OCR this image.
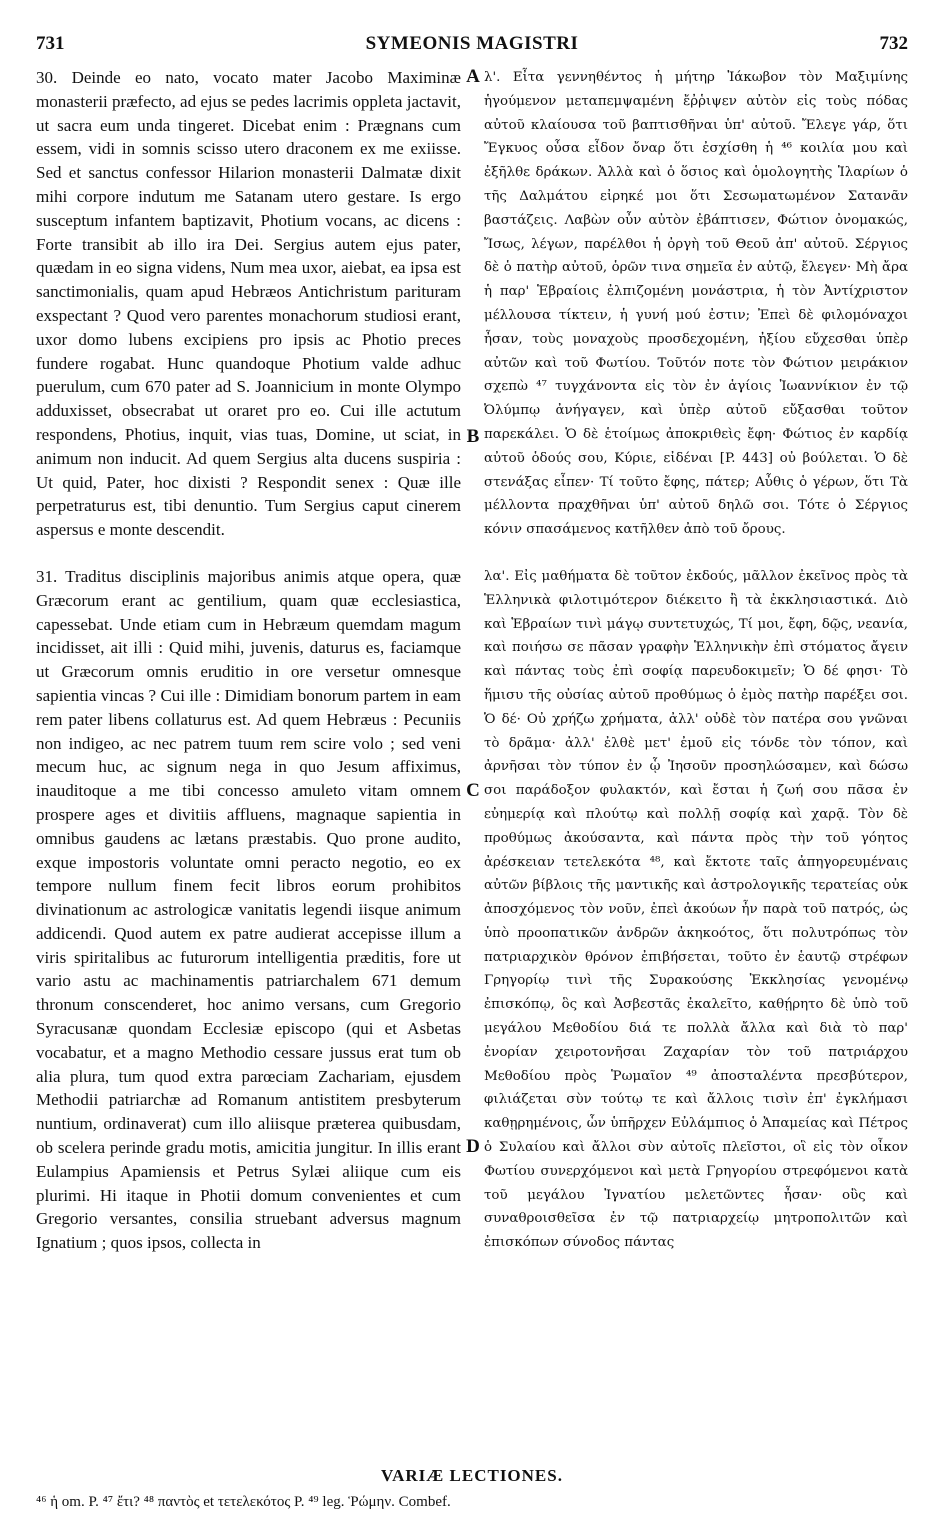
731	SYMEONIS MAGISTRI	732

30. Deinde eo nato, vocato mater Jacobo Maximinæ monasterii præfecto, ad ejus se pedes lacrimis oppleta jactavit, ut sacra eum unda tingeret. Dicebat enim : Prægnans cum essem, vidi in somnis scisso utero draconem ex me exiisse. Sed et sanctus confessor Hilarion monasterii Dalmatæ dixit mihi corpore indutum me Satanam utero gestare. Is ergo susceptum infantem baptizavit, Photium vocans, ac dicens : Forte transibit ab illo ira Dei. Sergius autem ejus pater, quædam in eo signa videns, Num mea uxor, aiebat, ea ipsa est sanctimonialis, quam apud Hebræos Antichristum parituram exspectant ? Quod vero parentes monachorum studiosi erant, uxor domo lubens excipiens pro ipsis ac Photio preces fundere rogabat. Hunc quandoque Photium valde adhuc puerulum, cum 670 pater ad S. Joannicium in monte Olympo adduxisset, obsecrabat ut oraret pro eo. Cui ille actutum respondens, Photius, inquit, vias tuas, Domine, ut sciat, in animum non inducit. Ad quem Sergius alta ducens suspiria : Ut quid, Pater, hoc dixisti ? Respondit senex : Quæ ille perpetraturus est, tibi denuntio. Tum Sergius caput cinerem aspersus e monte descendit.

31. Traditus disciplinis majoribus animis atque opera, quæ Græcorum erant ac gentilium, quam quæ ecclesiastica, capessebat. Unde etiam cum in Hebræum quemdam magum incidisset, ait illi : Quid mihi, juvenis, daturus es, faciamque ut Græcorum omnis eruditio in ore versetur omnesque sapientia vincas ? Cui ille : Dimidiam bonorum partem in eam rem pater libens collaturus est. Ad quem Hebræus : Pecuniis non indigeo, ac nec patrem tuum rem scire volo ; sed veni mecum huc, ac signum nega in quo Jesum affiximus, inauditoque a me tibi concesso amuleto vitam omnem prospere ages et divitiis affluens, magnaque sapientia in omnibus gaudens ac lætans præstabis. Quo prone audito, exque impostoris voluntate omni peracto negotio, eo ex tempore nullum finem fecit libros eorum prohibitos divinationum ac astrologicæ vanitatis legendi iisque animum addicendi. Quod autem ex patre audierat accepisse illum a viris spiritalibus ac futurorum intelligentia præditis, fore ut vario astu ac machinamentis patriarchalem 671 demum thronum conscenderet, hoc animo versans, cum Gregorio Syracusanæ quondam Ecclesiæ episcopo (qui et Asbetas vocabatur, et a magno Methodio cessare jussus erat tum ob alia plura, tum quod extra parœciam Zachariam, ejusdem Methodii patriarchæ ad Romanum antistitem presbyterum nuntium, ordinaverat) cum illo aliisque præterea quibusdam, ob scelera perinde gradu motis, amicitia jungitur. In illis erant Eulampius Apamiensis et Petrus Sylæi aliique cum eis plurimi. Hi itaque in Photii domum convenientes et cum Gregorio versantes, consilia struebant adversus magnum Ignatium ; quos ipsos, collecta in

A
B
C
D

λ'. Εἶτα γεννηθέντος ἡ μήτηρ Ἰάκωβον τὸν Μαξιμίνης ἡγούμενον μεταπεμψαμένη ἔῤῥιψεν αὐτὸν εἰς τοὺς πόδας αὐτοῦ κλαίουσα τοῦ βαπτισθῆναι ὑπ' αὐτοῦ. Ἔλεγε γάρ, ὅτι Ἔγκυος οὖσα εἶδον ὄναρ ὅτι ἐσχίσθη ἡ ⁴⁶ κοιλία μου καὶ ἐξῆλθε δράκων. Ἀλλὰ καὶ ὁ ὅσιος καὶ ὁμολογητὴς Ἱλαρίων ὁ τῆς Δαλμάτου εἰρηκέ μοι ὅτι Σεσωματωμένον Σατανᾶν βαστάζεις. Λαβὼν οὖν αὐτὸν ἐβάπτισεν, Φώτιον ὀνομακώς, Ἴσως, λέγων, παρέλθοι ἡ ὀργὴ τοῦ Θεοῦ ἀπ' αὐτοῦ. Σέργιος δὲ ὁ πατὴρ αὐτοῦ, ὁρῶν τινα σημεῖα ἐν αὐτῷ, ἔλεγεν· Μὴ ἄρα ἡ παρ' Ἑβραίοις ἐλπιζομένη μονάστρια, ἡ τὸν Ἀντίχριστον μέλλουσα τίκτειν, ἡ γυνή μού ἐστιν; Ἐπεὶ δὲ φιλομόναχοι ἦσαν, τοὺς μοναχοὺς προσδεχομένη, ἠξίου εὔχεσθαι ὑπὲρ αὐτῶν καὶ τοῦ Φωτίου. Τοῦτόν ποτε τὸν Φώτιον μειράκιον σχεπὼ ⁴⁷ τυγχάνοντα εἰς τὸν ἐν ἁγίοις Ἰωαννίκιον ἐν τῷ Ὀλύμπῳ ἀνήγαγεν, καὶ ὑπὲρ αὐτοῦ εὔξασθαι τοῦτον παρεκάλει. Ὁ δὲ ἑτοίμως ἀποκριθεὶς ἔφη· Φώτιος ἐν καρδίᾳ αὐτοῦ ὁδούς σου, Κύριε, εἰδέναι [P. 443] οὐ βούλεται. Ὁ δὲ στενάξας εἶπεν· Τί τοῦτο ἔφης, πάτερ; Αὖθις ὁ γέρων, ὅτι Τὰ μέλλοντα πραχθῆναι ὑπ' αὐτοῦ δηλῶ σοι. Τότε ὁ Σέργιος κόνιν σπασάμενος κατῆλθεν ἀπὸ τοῦ ὄρους.

λα'. Εἰς μαθήματα δὲ τοῦτον ἐκδούς, μᾶλλον ἐκεῖνος πρὸς τὰ Ἑλληνικὰ φιλοτιμότερον διέκειτο ἢ τὰ ἐκκλησιαστικά. Διὸ καὶ Ἑβραίων τινὶ μάγῳ συντετυχώς, Τί μοι, ἔφη, δῷς, νεανία, καὶ ποιήσω σε πᾶσαν γραφὴν Ἑλληνικὴν ἐπὶ στόματος ἄγειν καὶ πάντας τοὺς ἐπὶ σοφίᾳ παρευδοκιμεῖν; Ὁ δέ φησι· Τὸ ἥμισυ τῆς οὐσίας αὐτοῦ προθύμως ὁ ἐμὸς πατὴρ παρέξει σοι. Ὁ δέ· Οὐ χρήζω χρήματα, ἀλλ' οὐδὲ τὸν πατέρα σου γνῶναι τὸ δρᾶμα· ἀλλ' ἐλθὲ μετ' ἐμοῦ εἰς τόνδε τὸν τόπον, καὶ ἀρνῆσαι τὸν τύπον ἐν ᾧ Ἰησοῦν προσηλώσαμεν, καὶ δώσω σοι παράδοξον φυλακτόν, καὶ ἔσται ἡ ζωή σου πᾶσα ἐν εὐημερίᾳ καὶ πλούτῳ καὶ πολλῇ σοφίᾳ καὶ χαρᾷ. Τὸν δὲ προθύμως ἀκούσαντα, καὶ πάντα πρὸς τὴν τοῦ γόητος ἀρέσκειαν τετελεκότα ⁴⁸, καὶ ἔκτοτε ταῖς ἀπηγορευμέναις αὐτῶν βίβλοις τῆς μαντικῆς καὶ ἀστρολογικῆς τερατείας οὐκ ἀποσχόμενος τὸν νοῦν, ἐπεὶ ἀκούων ἦν παρὰ τοῦ πατρός, ὡς ὑπὸ προοπατικῶν ἀνδρῶν ἀκηκοότος, ὅτι πολυτρόπως τὸν πατριαρχικὸν θρόνον ἐπιβήσεται, τοῦτο ἐν ἑαυτῷ στρέφων Γρηγορίῳ τινὶ τῆς Συρακούσης Ἐκκλησίας γενομένῳ ἐπισκόπῳ, ὃς καὶ Ἀσβεστᾶς ἐκαλεῖτο, καθῄρητο δὲ ὑπὸ τοῦ μεγάλου Μεθοδίου διά τε πολλὰ ἄλλα καὶ διὰ τὸ παρ' ἐνορίαν χειροτονῆσαι Ζαχαρίαν τὸν τοῦ πατριάρχου Μεθοδίου πρὸς Ῥωμαῖον ⁴⁹ ἀποσταλέντα πρεσβύτερον, φιλιάζεται σὺν τούτῳ τε καὶ ἄλλοις τισὶν ἐπ' ἐγκλήμασι καθῃρημένοις, ὧν ὑπῆρχεν Εὐλάμπιος ὁ Ἀπαμείας καὶ Πέτρος ὁ Συλαίου καὶ ἄλλοι σὺν αὐτοῖς πλεῖστοι, οἳ εἰς τὸν οἶκον Φωτίου συνερχόμενοι καὶ μετὰ Γρηγορίου στρεφόμενοι κατὰ τοῦ μεγάλου Ἰγνατίου μελετῶντες ἦσαν· οὓς καὶ συναθροισθεῖσα ἐν τῷ πατριαρχείῳ μητροπολιτῶν καὶ ἐπισκόπων σύνοδος πάντας

VARIÆ LECTIONES.
⁴⁶ ἡ om. P. ⁴⁷ ἔτι? ⁴⁸ παντὸς et τετελεκότος P. ⁴⁹ leg. Ῥώμην. Combef.
